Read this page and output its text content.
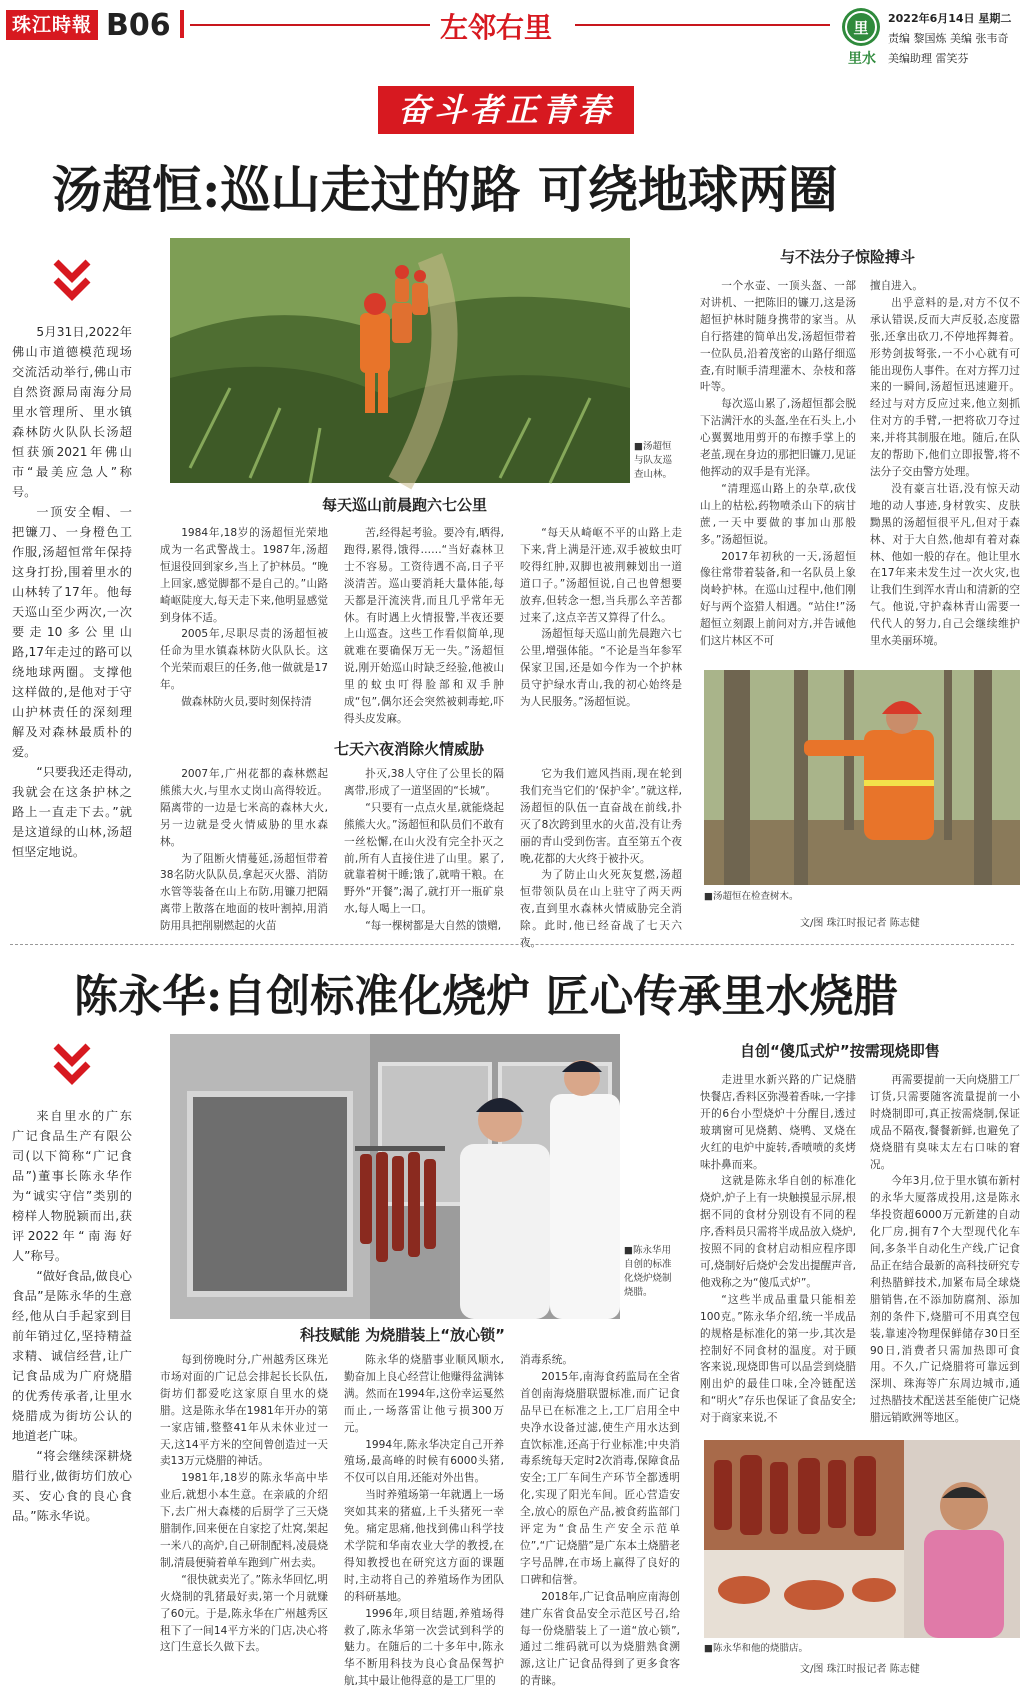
珠江時報 B06	左邻右里	里
里水
2022年6月14日 星期二
责编 黎国炼 美编 张韦奇
美编助理 雷笑芬
奋斗者正青春
汤超恒:巡山走过的路 可绕地球两圈

5月31日,2022年佛山市道德模范现场交流活动举行,佛山市自然资源局南海分局里水管理所、里水镇森林防火队队长汤超恒获颁2021年佛山市“最美应急人”称号。

一顶安全帽、一把镰刀、一身橙色工作服,汤超恒常年保持这身打扮,围着里水的山林转了17年。他每天巡山至少两次,一次要走10多公里山路,17年走过的路可以绕地球两圈。支撑他这样做的,是他对于守山护林责任的深刻理解及对森林最质朴的爱。

“只要我还走得动,我就会在这条护林之路上一直走下去。”就是这道绿的山林,汤超恒坚定地说。

■汤超恒与队友巡查山林。
每天巡山前晨跑六七公里

1984年,18岁的汤超恒光荣地成为一名武警战士。1987年,汤超恒退役回到家乡,当上了护林员。“晚上回家,感觉脚都不是自己的。”山路崎岖陡度大,每天走下来,他明显感觉到身体不适。

2005年,尽职尽责的汤超恒被任命为里水镇森林防火队队长。这个光荣而艰巨的任务,他一做就是17年。

做森林防火员,要时刻保持清

苦,经得起考验。要冷有,晒得,跑得,累得,饿得……“当好森林卫士不容易。工资待遇不高,日子平淡清苦。巡山要消耗大量体能,每天都是汗流浃背,而且几乎常年无休。有时遇上火情报警,半夜还要上山巡查。这些工作看似简单,现就难在要确保万无一失。”汤超恒说,刚开始巡山时缺乏经验,他被山里的蚊虫叮得脸部和双手肿成“包”,偶尔还会突然被刺毒蛇,吓得头皮发麻。

“每天从崎岖不平的山路上走下来,背上满是汗迹,双手被蚊虫叮咬得红肿,双脚也被荆棘划出一道道口子。”汤超恒说,自己也曾想要放弃,但转念一想,当兵那么辛苦都过来了,这点辛苦又算得了什么。

汤超恒每天巡山前先晨跑六七公里,增强体能。“不论是当年参军保家卫国,还是如今作为一个护林员守护绿水青山,我的初心始终是为人民服务。”汤超恒说。

七天六夜消除火情威胁

2007年,广州花都的森林燃起熊熊大火,与里水丈岗山高得较近。隔离带的一边是七米高的森林大火,另一边就是受火情威胁的里水森林。

为了阻断火情蔓延,汤超恒带着38名防火队队员,拿起灭火器、消防水管等装备在山上布防,用镰刀把隔离带上散落在地面的枝叶割掉,用消防用具把削剔燃起的火苗

扑灭,38人守住了公里长的隔离带,形成了一道坚固的“长城”。

“只要有一点点火星,就能烧起熊熊大火。”汤超恒和队员们不敢有一丝松懈,在山火没有完全扑灭之前,所有人直接住进了山里。累了,就靠着树干睡;饿了,就啃干粮。在野外“开餐”;渴了,就打开一瓶矿泉水,每人喝上一口。

“每一棵树都是大自然的馈赠,

它为我们遮风挡雨,现在轮到我们充当它们的‘保护伞’。”就这样,汤超恒的队伍一直奋战在前线,扑灭了8次跨到里水的火苗,没有让秀丽的青山受到伤害。直至第五个夜晚,花都的大火终于被扑灭。

为了防止山火死灰复燃,汤超恒带领队员在山上驻守了两天两夜,直到里水森林火情威胁完全消除。此时,他已经奋战了七天六夜。

与不法分子惊险搏斗

一个水壶、一顶头盔、一部对讲机、一把陈旧的镰刀,这是汤超恒护林时随身携带的家当。从自行搭建的简单出发,汤超恒带着一位队员,沿着茂密的山路仔细巡查,有时顺手清理灌木、杂枝和落叶等。

每次巡山累了,汤超恒都会脱下沾满汗水的头盔,坐在石头上,小心翼翼地用剪开的布擦手掌上的老茧,现在身边的那把旧镰刀,见证他挥动的双手是有光泽。

“清理巡山路上的杂草,砍伐山上的枯松,药物喷杀山下的病甘蔗,一天中要做的事加山那般多。”汤超恒说。

2017年初秋的一天,汤超恒像往常带着装备,和一名队员上象岗岭护林。在巡山过程中,他们刚好与两个盗猎人相遇。“站住!”汤超恒立刻跟上前问对方,并告诫他们这片林区不可

擅自进入。

出乎意料的是,对方不仅不承认错误,反而大声反驳,态度嚣张,还拿出砍刀,不停地挥舞着。形势剑拔弩张,一不小心就有可能出现伤人事件。在对方挥刀过来的一瞬间,汤超恒迅速避开。经过与对方反应过来,他立刻抓住对方的手臂,一把将砍刀夺过来,并将其制服在地。随后,在队友的帮助下,他们立即报警,将不法分子交由警方处理。

没有豪言壮语,没有惊天动地的动人事迹,身材敦实、皮肤黝黑的汤超恒很平凡,但对于森林、对于大自然,他却有着对森林、他如一般的存在。他让里水在17年来未发生过一次火灾,也让我们生到浑水青山和清新的空气。他说,守护森林青山需要一代代人的努力,自己会继续维护里水美丽环境。

■汤超恒在检查树木。
文/图 珠江时报记者 陈志健
陈永华:自创标准化烧炉 匠心传承里水烧腊

来自里水的广东广记食品生产有限公司(以下简称“广记食品”)董事长陈永华作为“诚实守信”类别的榜样人物脱颖而出,获评2022年“南海好人”称号。

“做好食品,做良心食品”是陈永华的生意经,他从白手起家到目前年销过亿,坚持精益求精、诚信经营,让广记食品成为广府烧腊的优秀传承者,让里水烧腊成为街坊公认的地道老广味。

“将会继续深耕烧腊行业,做街坊们放心买、安心食的良心食品。”陈永华说。

■陈永华用自创的标准化烧炉烧制烧腊。
科技赋能 为烧腊装上“放心锁”

每到傍晚时分,广州越秀区珠光市场对面的广记总会排起长长队伍,街坊们都爱吃这家原自里水的烧腊。这是陈永华在1981年开办的第一家店铺,整整41年从未休业过一天,这14平方米的空间曾创造过一天卖13万元烧腊的神话。

1981年,18岁的陈永华高中毕业后,就想小本生意。在亲戚的介绍下,去广州大森楼的后厨学了三天烧腊制作,回来便在自家挖了灶窝,架起一米八的高炉,自己研制配料,凌晨烧制,清晨便骑着单车跑到广州去卖。

“很快就卖光了。”陈永华回忆,明火烧制的乳猪最好卖,第一个月就赚了60元。于是,陈永华在广州越秀区租下了一间14平方米的门店,决心将这门生意长久做下去。

陈永华的烧腊事业顺风顺水,勤奋加上良心经营让他赚得盆满钵满。然而在1994年,这份幸运戛然而止,一场落雷让他亏损300万元。

1994年,陈永华决定自己开养殖场,最高峰的时候有6000头猪,不仅可以自用,还能对外出售。

当时养殖场第一年就遇上一场突如其来的猪瘟,上千头猪死一幸免。痛定思痛,他找到佛山科学技术学院和华南农业大学的教授,在得知教授也在研究这方面的课题时,主动将自己的养殖场作为团队的科研基地。

1996年,项目结题,养殖场得救了,陈永华第一次尝试到科学的魅力。在随后的二十多年中,陈永华不断用科技为良心食品保驾护航,其中最让他得意的是工厂里的

消毒系统。

2015年,南海食药监局在全省首创南海烧腊联盟标准,而广记食品早已在标准之上,工厂启用全中央净水设备过滤,使生产用水达到直饮标准,还高于行业标准;中央消毒系统每天定时2次消毒,保障食品安全;工厂车间生产环节全都透明化,实现了阳光车间。匠心营造安全,放心的原色产品,被食药监部门评定为“食品生产安全示范单位”,“广记烧腊”是广东本土烧腊老字号品牌,在市场上赢得了良好的口碑和信誉。

2018年,广记食品响应南海创建广东省食品安全示范区号召,给每一份烧腊装上了一道“放心锁”,通过二维码就可以为烧腊熟食溯源,这让广记食品得到了更多食客的青睐。

自创“傻瓜式炉”按需现烧即售

走进里水新兴路的广记烧腊快餐店,香料区弥漫着香味,一字排开的6台小型烧炉十分醒目,透过玻璃窗可见烧鹅、烧鸭、叉烧在火红的电炉中旋转,香喷喷的炙烤味扑鼻而来。

这就是陈永华自创的标准化烧炉,炉子上有一块触摸显示屏,根据不同的食材分别设有不同的程序,香料员只需将半成品放入烧炉,按照不同的食材启动相应程序即可,烧制好后烧炉会发出提醒声音,他戏称之为“傻瓜式炉”。

“这些半成品重量只能相差100克。”陈永华介绍,统一半成品的规格是标准化的第一步,其次是控制好不同食材的温度。对于顾客来说,现烧即售可以品尝到烧腊刚出炉的最佳口味,全冷链配送和“明火”存乐也保证了食品安全;对于商家来说,不

再需要提前一天向烧腊工厂订货,只需要随客流量提前一小时烧制即可,真正按需烧制,保证成品不隔夜,餐餐新鲜,也避免了烧烧腊有臭味太左右口味的窘况。

今年3月,位于里水镇布新村的永华大厦落成投用,这是陈永华投资超6000万元新建的自动化厂房,拥有7个大型现代化车间,多条半自动化生产线,广记食品正在结合最新的高科技研究专利热腊鲜技术,加紧布局全球烧腊销售,在不添加防腐剂、添加剂的条件下,烧腊可不用真空包装,靠速冷物理保鲜储存30日至90日,消费者只需加热即可食用。不久,广记烧腊将可靠远到深圳、珠海等广东周边城市,通过热腊技术配送甚至能使广记烧腊远销欧洲等地区。

■陈永华和他的烧腊店。
文/图 珠江时报记者 陈志健
